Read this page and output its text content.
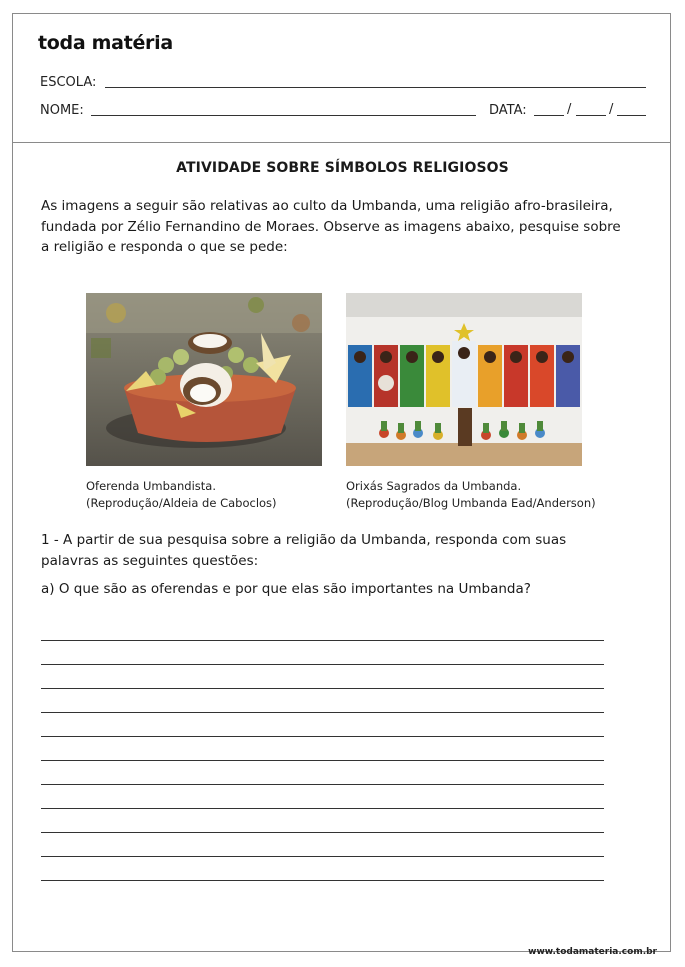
toda matéria
ESCOLA:
NOME:	DATA:	/	/
ATIVIDADE SOBRE SÍMBOLOS RELIGIOSOS
As imagens a seguir são relativas ao culto da Umbanda, uma religião afro-brasileira, fundada por Zélio Fernandino de Moraes. Observe as imagens abaixo, pesquise sobre a religião e responda o que se pede:
Oferenda Umbandista.
(Reprodução/Aldeia de Caboclos)
Orixás Sagrados da Umbanda.
(Reprodução/Blog Umbanda Ead/Anderson)
1 - A partir de sua pesquisa sobre a religião da Umbanda, responda com suas palavras as seguintes questões:
a) O que são as oferendas e por que elas são importantes na Umbanda?
www.todamateria.com.br
